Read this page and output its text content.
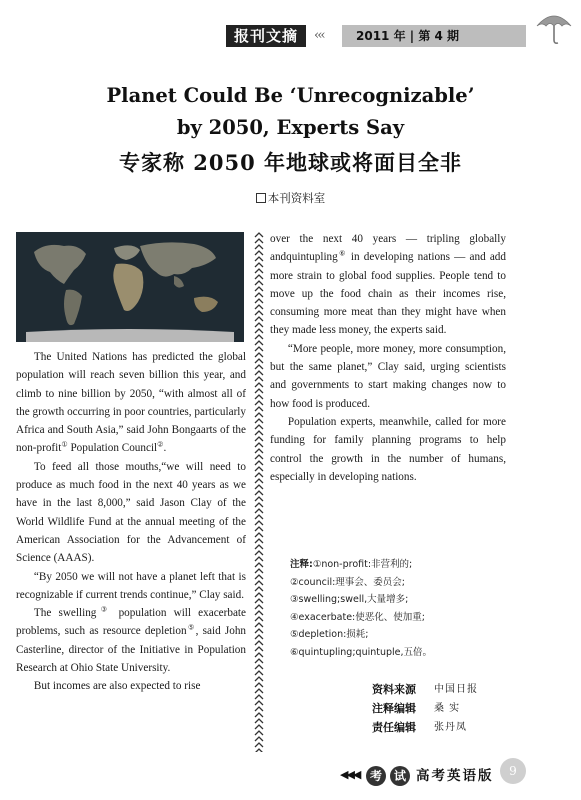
报刊文摘	‹‹‹	2011 年 | 第 4 期
Planet Could Be ‘Unrecognizable’
by 2050, Experts Say
专家称 2050 年地球或将面目全非
本刊资料室

The United Nations has predicted the global population will reach seven billion this year, and climb to nine billion by 2050, “with almost all of the growth occurring in poor countries, particularly Africa and South Asia,” said John Bongaarts of the non-profit① Population Council②.

To feed all those mouths,“we will need to produce as much food in the next 40 years as we have in the last 8,000,” said Jason Clay of the World Wildlife Fund at the annual meeting of the American Association for the Advancement of Science (AAAS).

“By 2050 we will not have a planet left that is recognizable if current trends continue,” Clay said.

The swelling③ population will exacerbate problems, such as resource depletion⑤, said John Casterline, director of the Initiative in Population Research at Ohio State University.

But incomes are also expected to rise

over the next 40 years — tripling globally andquintupling⑥ in developing nations — and add more strain to global food supplies. People tend to move up the food chain as their incomes rise, consuming more meat than they might have when they made less money, the experts said.

“More people, more money, more consumption, but the same planet,” Clay said, urging scientists and governments to start making changes now to how food is produced.

Population experts, meanwhile, called for more funding for family planning programs to help control the growth in the number of humans, especially in developing nations.

注释:①non-profit:非营利的;
②council:理事会、委员会;
③swelling;swell,大量增多;
④exacerbate:使恶化、使加重;
⑤depletion:损耗;
⑥quintupling;quintuple,五倍。
资料来源	中国日报
注释编辑	桑 实
责任编辑	张丹凤
◀◀◀ 考 试 高考英语版	9
